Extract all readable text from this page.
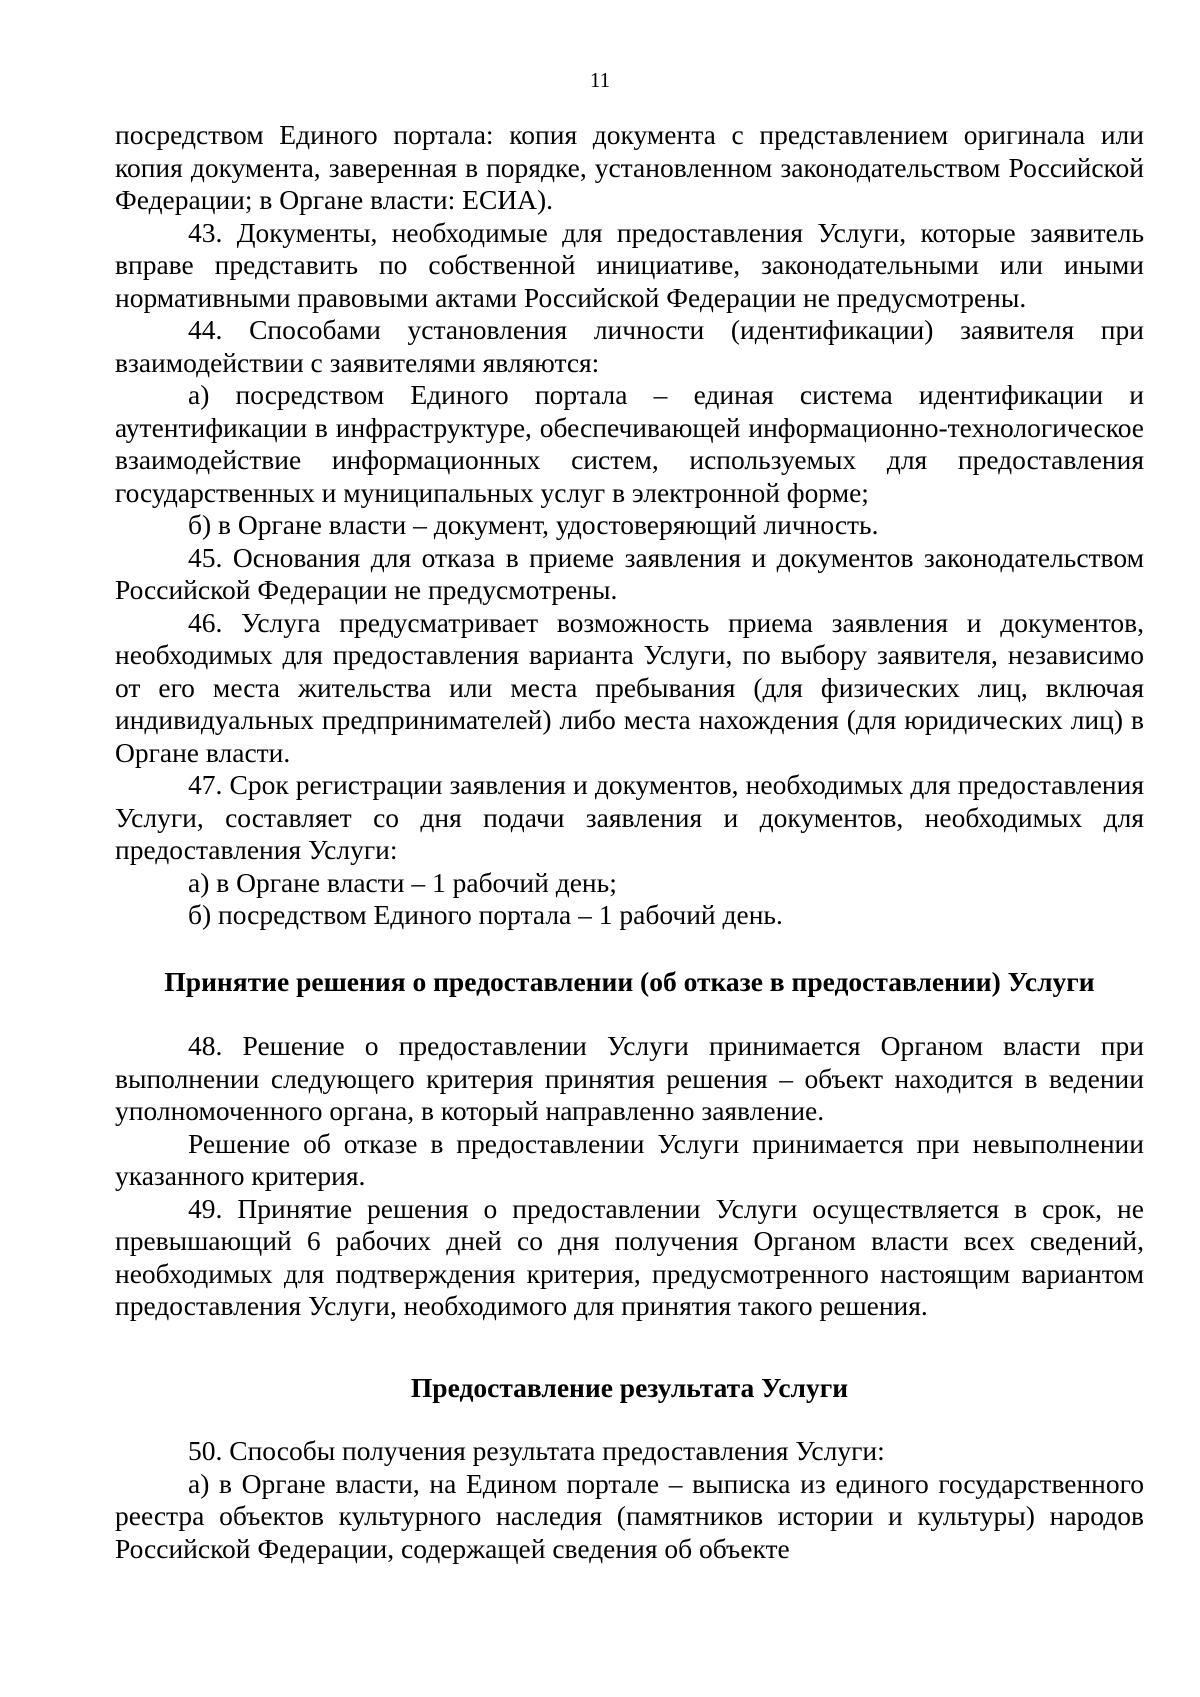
11

посредством Единого портала: копия документа с представлением оригинала или копия документа, заверенная в порядке, установленном законодательством Российской Федерации; в Органе власти: ЕСИА).

43. Документы, необходимые для предоставления Услуги, которые заявитель вправе представить по собственной инициативе, законодательными или иными нормативными правовыми актами Российской Федерации не предусмотрены.

44. Способами установления личности (идентификации) заявителя при взаимодействии с заявителями являются:

а) посредством Единого портала – единая система идентификации и аутентификации в инфраструктуре, обеспечивающей информационно-технологическое взаимодействие информационных систем, используемых для предоставления государственных и муниципальных услуг в электронной форме;

б) в Органе власти – документ, удостоверяющий личность.

45. Основания для отказа в приеме заявления и документов законодательством Российской Федерации не предусмотрены.

46. Услуга предусматривает возможность приема заявления и документов, необходимых для предоставления варианта Услуги, по выбору заявителя, независимо от его места жительства или места пребывания (для физических лиц, включая индивидуальных предпринимателей) либо места нахождения (для юридических лиц) в Органе власти.

47. Срок регистрации заявления и документов, необходимых для предоставления Услуги, составляет со дня подачи заявления и документов, необходимых для предоставления Услуги:

а) в Органе власти – 1 рабочий день;

б) посредством Единого портала – 1 рабочий день.

Принятие решения о предоставлении (об отказе в предоставлении) Услуги

48. Решение о предоставлении Услуги принимается Органом власти при выполнении следующего критерия принятия решения – объект находится в ведении уполномоченного органа, в который направленно заявление.

Решение об отказе в предоставлении Услуги принимается при невыполнении указанного критерия.

49. Принятие решения о предоставлении Услуги осуществляется в срок, не превышающий 6 рабочих дней со дня получения Органом власти всех сведений, необходимых для подтверждения критерия, предусмотренного настоящим вариантом предоставления Услуги, необходимого для принятия такого решения.

Предоставление результата Услуги

50. Способы получения результата предоставления Услуги:

а) в Органе власти, на Едином портале – выписка из единого государственного реестра объектов культурного наследия (памятников истории и культуры) народов Российской Федерации, содержащей сведения об объекте
